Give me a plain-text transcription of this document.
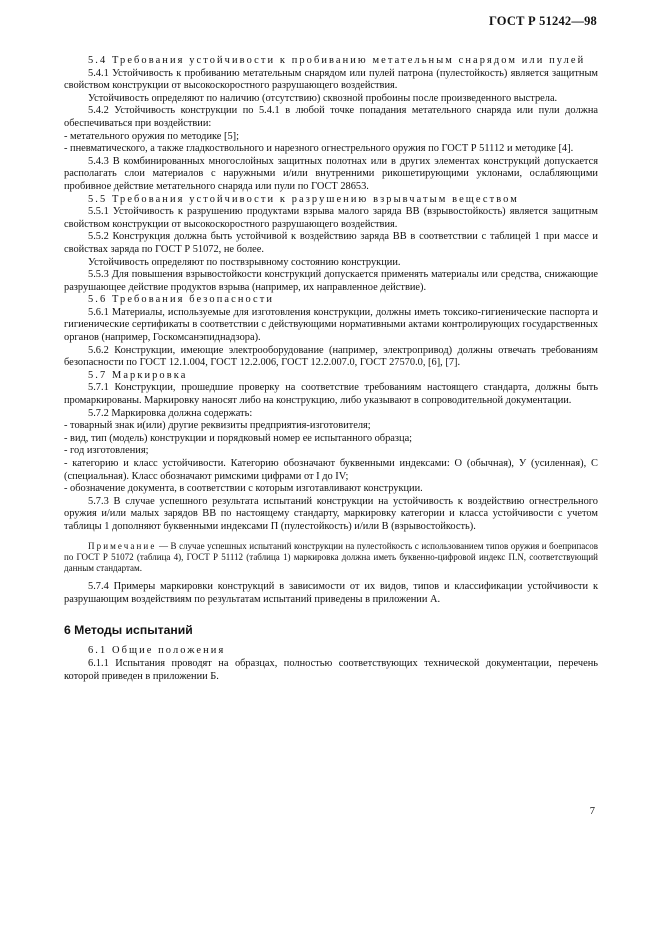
ГОСТ Р 51242—98

5.4 Требования устойчивости к пробиванию метательным снарядом или пулей

5.4.1 Устойчивость к пробиванию метательным снарядом или пулей патрона (пулестойкость) является защитным свойством конструкции от высокоскоростного разрушающего воздействия.

Устойчивость определяют по наличию (отсутствию) сквозной пробоины после произведенного выстрела.

5.4.2 Устойчивость конструкции по 5.4.1 в любой точке попадания метательного снаряда или пули должна обеспечиваться при воздействии:

- метательного оружия по методике [5];

- пневматического, а также гладкоствольного и нарезного огнестрельного оружия по ГОСТ Р 51112 и методике [4].

5.4.3 В комбинированных многослойных защитных полотнах или в других элементах конструкций допускается располагать слои материалов с наружными и/или внутренними рикошетирующими уклонами, ослабляющими пробивное действие метательного снаряда или пули по ГОСТ 28653.

5.5 Требования устойчивости к разрушению взрывчатым веществом

5.5.1 Устойчивость к разрушению продуктами взрыва малого заряда ВВ (взрывостойкость) является защитным свойством конструкции от высокоскоростного разрушающего воздействия.

5.5.2 Конструкция должна быть устойчивой к воздействию заряда ВВ в соответствии с таблицей 1 при массе и свойствах заряда по ГОСТ Р 51072, не более.

Устойчивость определяют по поствзрывному состоянию конструкции.

5.5.3 Для повышения взрывостойкости конструкций допускается применять материалы или средства, снижающие разрушающее действие продуктов взрыва (например, их направленное действие).

5.6 Требования безопасности

5.6.1 Материалы, используемые для изготовления конструкции, должны иметь токсико-гигиенические паспорта и гигиенические сертификаты в соответствии с действующими нормативными актами контролирующих государственных органов (например, Госкомсанэпиднадзора).

5.6.2 Конструкции, имеющие электрооборудование (например, электропривод) должны отвечать требованиям безопасности по ГОСТ 12.1.004, ГОСТ 12.2.006, ГОСТ 12.2.007.0, ГОСТ 27570.0, [6], [7].

5.7 Маркировка

5.7.1 Конструкции, прошедшие проверку на соответствие требованиям настоящего стандарта, должны быть промаркированы. Маркировку наносят либо на конструкцию, либо указывают в сопроводительной документации.

5.7.2 Маркировка должна содержать:

- товарный знак и(или) другие реквизиты предприятия-изготовителя;

- вид, тип (модель) конструкции и порядковый номер ее испытанного образца;

- год изготовления;

- категорию и класс устойчивости. Категорию обозначают буквенными индексами: О (обычная), У (усиленная), С (специальная). Класс обозначают римскими цифрами от I до IV;

- обозначение документа, в соответствии с которым изготавливают конструкции.

5.7.3 В случае успешного результата испытаний конструкции на устойчивость к воздействию огнестрельного оружия и/или малых зарядов ВВ по настоящему стандарту, маркировку категории и класса устойчивости с учетом таблицы 1 дополняют буквенными индексами П (пулестойкость) и/или В (взрывостойкость).

Примечание — В случае успешных испытаний конструкции на пулестойкость с использованием типов оружия и боеприпасов по ГОСТ Р 51072 (таблица 4), ГОСТ Р 51112 (таблица 1) маркировка должна иметь буквенно-цифровой индекс П.N, соответствующий данным стандартам.

5.7.4 Примеры маркировки конструкций в зависимости от их видов, типов и классификации устойчивости к разрушающим воздействиям по результатам испытаний приведены в приложении А.

6 Методы испытаний

6.1 Общие положения

6.1.1 Испытания проводят на образцах, полностью соответствующих технической документации, перечень которой приведен в приложении Б.

7
